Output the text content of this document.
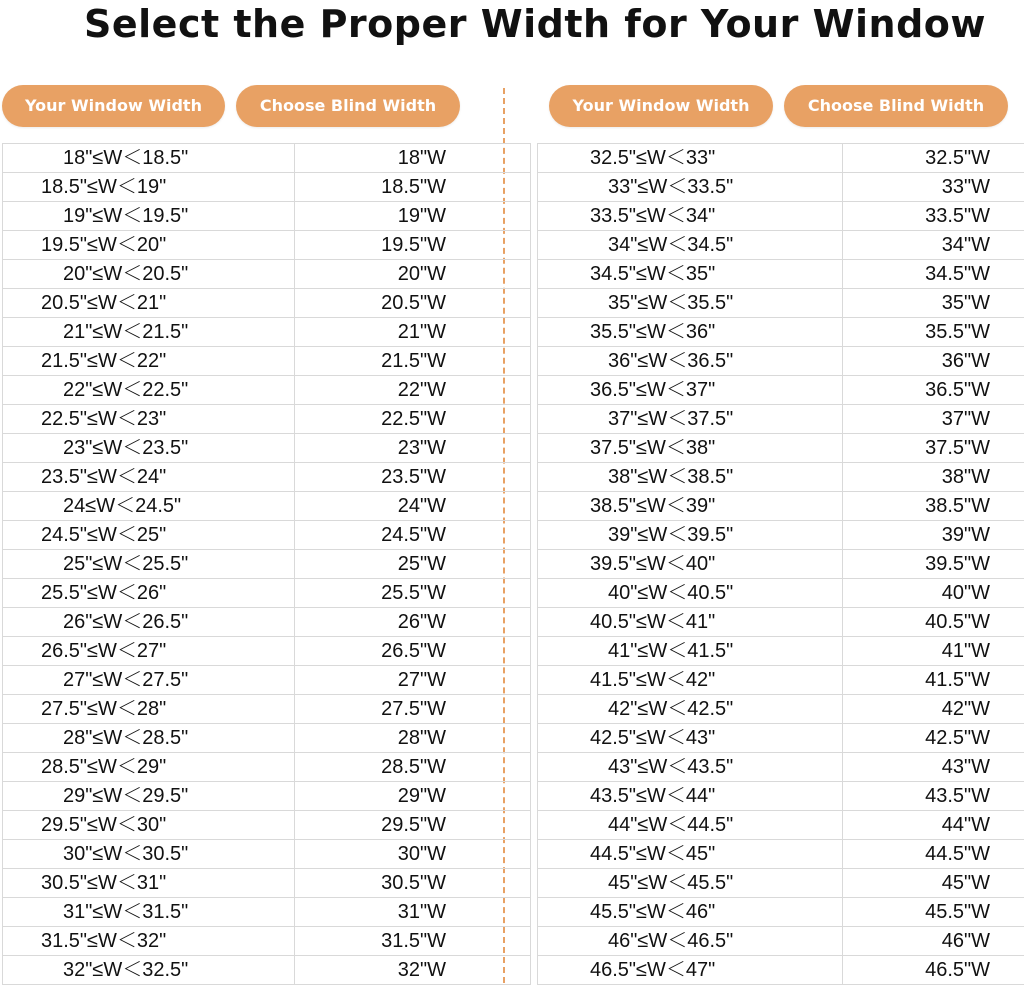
Select the Proper Width for Your Window
Your Window Width	Choose Blind Width	Your Window Width	Choose Blind Width
18"≤W＜18.5"	18"W
18.5"≤W＜19"	18.5"W
19"≤W＜19.5"	19"W
19.5"≤W＜20"	19.5"W
20"≤W＜20.5"	20"W
20.5"≤W＜21"	20.5"W
21"≤W＜21.5"	21"W
21.5"≤W＜22"	21.5"W
22"≤W＜22.5"	22"W
22.5"≤W＜23"	22.5"W
23"≤W＜23.5"	23"W
23.5"≤W＜24"	23.5"W
24≤W＜24.5"	24"W
24.5"≤W＜25"	24.5"W
25"≤W＜25.5"	25"W
25.5"≤W＜26"	25.5"W
26"≤W＜26.5"	26"W
26.5"≤W＜27"	26.5"W
27"≤W＜27.5"	27"W
27.5"≤W＜28"	27.5"W
28"≤W＜28.5"	28"W
28.5"≤W＜29"	28.5"W
29"≤W＜29.5"	29"W
29.5"≤W＜30"	29.5"W
30"≤W＜30.5"	30"W
30.5"≤W＜31"	30.5"W
31"≤W＜31.5"	31"W
31.5"≤W＜32"	31.5"W
32"≤W＜32.5"	32"W
32.5"≤W＜33"	32.5"W
33"≤W＜33.5"	33"W
33.5"≤W＜34"	33.5"W
34"≤W＜34.5"	34"W
34.5"≤W＜35"	34.5"W
35"≤W＜35.5"	35"W
35.5"≤W＜36"	35.5"W
36"≤W＜36.5"	36"W
36.5"≤W＜37"	36.5"W
37"≤W＜37.5"	37"W
37.5"≤W＜38"	37.5"W
38"≤W＜38.5"	38"W
38.5"≤W＜39"	38.5"W
39"≤W＜39.5"	39"W
39.5"≤W＜40"	39.5"W
40"≤W＜40.5"	40"W
40.5"≤W＜41"	40.5"W
41"≤W＜41.5"	41"W
41.5"≤W＜42"	41.5"W
42"≤W＜42.5"	42"W
42.5"≤W＜43"	42.5"W
43"≤W＜43.5"	43"W
43.5"≤W＜44"	43.5"W
44"≤W＜44.5"	44"W
44.5"≤W＜45"	44.5"W
45"≤W＜45.5"	45"W
45.5"≤W＜46"	45.5"W
46"≤W＜46.5"	46"W
46.5"≤W＜47"	46.5"W
